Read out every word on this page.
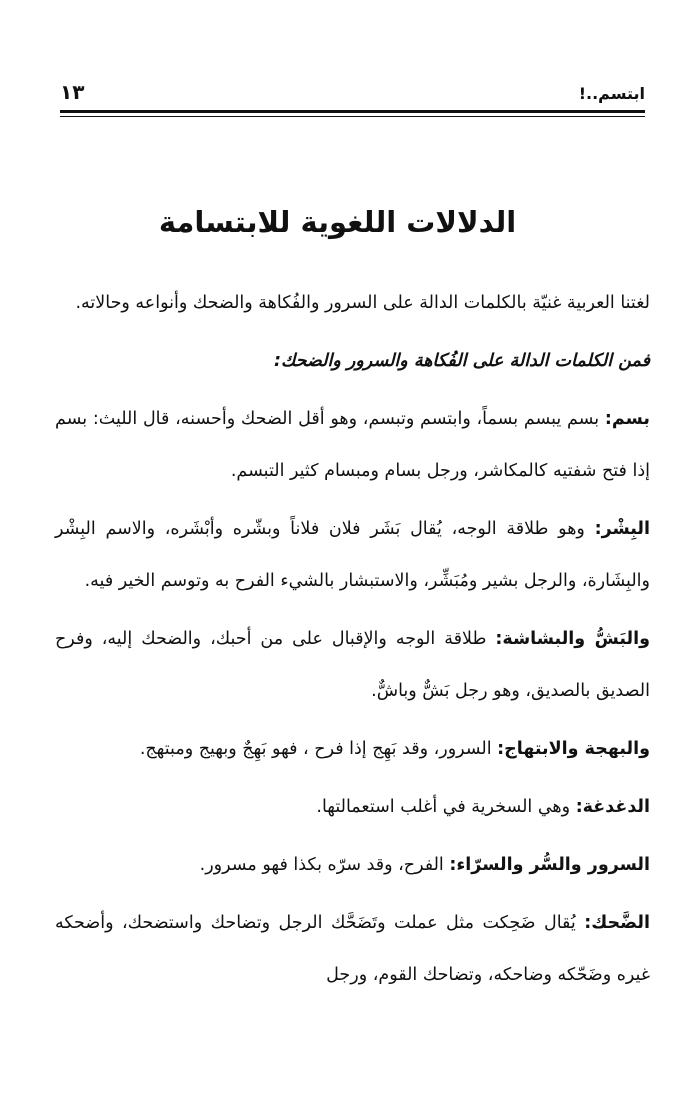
ابتسم..!
١٣
الدلالات اللغوية للابتسامة

لغتنا العربية غنيّة بالكلمات الدالة على السرور والفُكاهة والضحك وأنواعه وحالاته.

فمن الكلمات الدالة على الفُكاهة والسرور والضحك:

بسم: بسم يبسم بسماً، وابتسم وتبسم، وهو أقل الضحك وأحسنه، قال الليث: بسم إذا فتح شفتيه كالمكاشر، ورجل بسام ومبسام كثير التبسم.

البِشْر: وهو طلاقة الوجه، يُقال بَشَر فلان فلاناً وبشّره وأبْشَره، والاسم البِشْر والبِشَارة، والرجل بشير ومُبَشِّر، والاستبشار بالشيء الفرح به وتوسم الخير فيه.

والبَشُّ والبشاشة: طلاقة الوجه والإقبال على من أحبك، والضحك إليه، وفرح الصديق بالصديق، وهو رجل بَشٌّ وباشٌّ.

والبهجة والابتهاج: السرور، وقد بَهِج إذا فرح ، فهو بَهِجٌ وبهيج ومبتهج.

الدغدغة: وهي السخرية في أغلب استعمالتها.

السرور والسُّر والسرّاء: الفرح، وقد سرّه بكذا فهو مسرور.

الضَّحك: يُقال ضَحِكت مثل عملت وتَضَحَّك الرجل وتضاحك واستضحك، وأضحكه غيره وضَحّكه وضاحكه، وتضاحك القوم، ورجل
